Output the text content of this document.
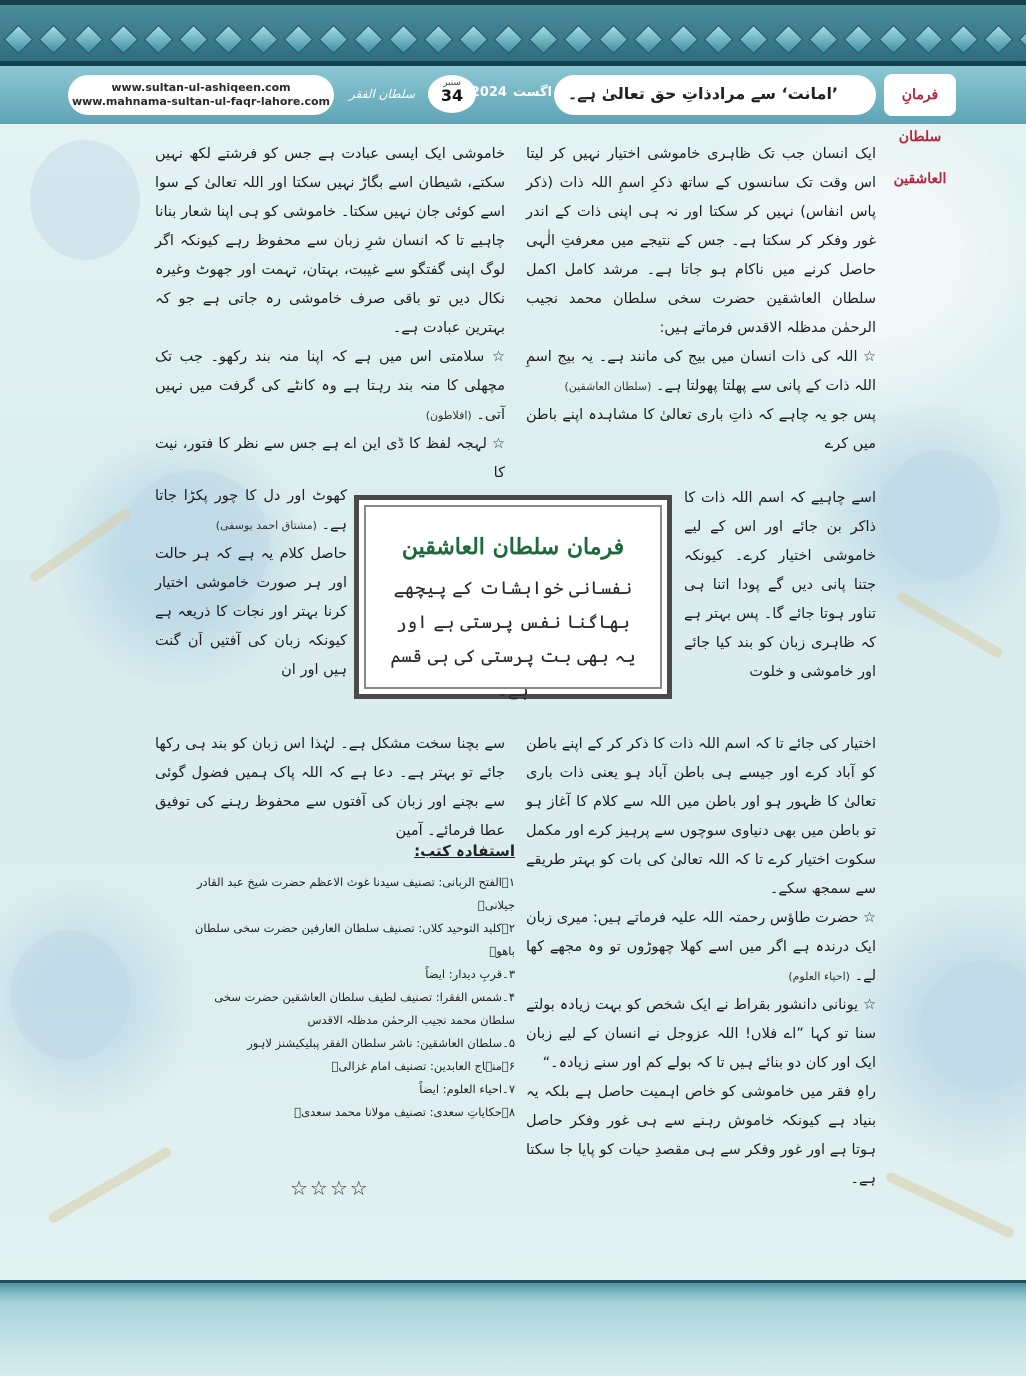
www.sultan-ul-ashiqeen.com
www.mahnama-sultan-ul-faqr-lahore.com
سلطان الفقر
سنبر
34	اگست
2024	’امانت‘ سے مرادذاتِ حق تعالیٰ ہے۔	فرمانِ سلطان العاشقین

ایک انسان جب تک ظاہری خاموشی اختیار نہیں کر لیتا اس وقت تک سانسوں کے ساتھ ذکرِ اسمِ اللہ ذات (ذکر پاس انفاس) نہیں کر سکتا اور نہ ہی اپنی ذات کے اندر غور وفکر کر سکتا ہے۔ جس کے نتیجے میں معرفتِ الٰہی حاصل کرنے میں ناکام ہو جاتا ہے۔ مرشد کامل اکمل سلطان العاشقین حضرت سخی سلطان محمد نجیب الرحمٰن مدظلہ الاقدس فرماتے ہیں:

☆ اللہ کی ذات انسان میں بیج کی مانند ہے۔ یہ بیج اسمِ اللہ ذات کے پانی سے پھلتا پھولتا ہے۔ (سلطان العاشقین)

پس جو یہ چاہے کہ ذاتِ باری تعالیٰ کا مشاہدہ اپنے باطن میں کرے

اسے چاہیے کہ اسم اللہ ذات کا ذاکر بن جائے اور اس کے لیے خاموشی اختیار کرے۔ کیونکہ جتنا پانی دیں گے پودا اتنا ہی تناور ہوتا جائے گا۔ پس بہتر ہے کہ ظاہری زبان کو بند کیا جائے اور خاموشی و خلوت

اختیار کی جائے تا کہ اسم اللہ ذات کا ذکر کر کے اپنے باطن کو آباد کرے اور جیسے ہی باطن آباد ہو یعنی ذات باری تعالیٰ کا ظہور ہو اور باطن میں اللہ سے کلام کا آغاز ہو تو باطن میں بھی دنیاوی سوچوں سے پرہیز کرے اور مکمل سکوت اختیار کرے تا کہ اللہ تعالیٰ کی بات کو بہتر طریقے سے سمجھ سکے۔

☆ حضرت طاؤس رحمتہ اللہ علیہ فرماتے ہیں: میری زبان ایک درندہ ہے اگر میں اسے کھلا چھوڑوں تو وہ مجھے کھا لے۔ (احیاء العلوم)

☆ یونانی دانشور بقراط نے ایک شخص کو بہت زیادہ بولتے سنا تو کہا ”اے فلاں! اللہ عزوجل نے انسان کے لیے زبان ایک اور کان دو بنائے ہیں تا کہ بولے کم اور سنے زیادہ۔“

راہِ فقر میں خاموشی کو خاص اہمیت حاصل ہے بلکہ یہ بنیاد ہے کیونکہ خاموش رہنے سے ہی غور وفکر حاصل ہوتا ہے اور غور وفکر سے ہی مقصدِ حیات کو پایا جا سکتا ہے۔

خاموشی ایک ایسی عبادت ہے جس کو فرشتے لکھ نہیں سکتے، شیطان اسے بگاڑ نہیں سکتا اور اللہ تعالیٰ کے سوا اسے کوئی جان نہیں سکتا۔ خاموشی کو ہی اپنا شعار بنانا چاہیے تا کہ انسان شرِ زبان سے محفوظ رہے کیونکہ اگر لوگ اپنی گفتگو سے غیبت، بہتان، تہمت اور جھوٹ وغیرہ نکال دیں تو باقی صرف خاموشی رہ جاتی ہے جو کہ بہترین عبادت ہے۔

☆ سلامتی اس میں ہے کہ اپنا منہ بند رکھو۔ جب تک مچھلی کا منہ بند رہتا ہے وہ کانٹے کی گرفت میں نہیں آتی۔ (افلاطون)

☆ لہجہ لفظ کا ڈی این اے ہے جس سے نظر کا فتور، نیت کا

کھوٹ اور دل کا چور پکڑا جاتا ہے۔ (مشتاق احمد یوسفی)

حاصل کلام یہ ہے کہ ہر حالت اور ہر صورت خاموشی اختیار کرنا بہتر اور نجات کا ذریعہ ہے کیونکہ زبان کی آفتیں اَن گنت ہیں اور ان

سے بچنا سخت مشکل ہے۔ لہٰذا اس زبان کو بند ہی رکھا جائے تو بہتر ہے۔ دعا ہے کہ اللہ پاک ہمیں فضول گوئی سے بچنے اور زبان کی آفتوں سے محفوظ رہنے کی توفیق عطا فرمائے۔ آمین

فرمان سلطان العاشقین
نفسانی خواہشات کے پیچھے بھاگنا نفس پرستی ہے اور یہ بھی بت پرستی کی ہی قسم ہے۔
استفادہ کتب:
۱۔الفتح الربانی: تصنیف سیدنا غوث الاعظم حضرت شیخ عبد القادر جیلانیؓ
۲۔کلید التوحید کلاں: تصنیف سلطان العارفین حضرت سخی سلطان باھوؒ
۳۔قربِ دیدار: ایضاً
۴۔شمس الفقرا: تصنیف لطیف سلطان العاشقین حضرت سخی سلطان محمد نجیب الرحمٰن مدظلہ الاقدس
۵۔سلطان العاشقین: ناشر سلطان الفقر پبلیکیشنز لاہور
۶۔منہاج العابدین: تصنیف امام غزالیؒ
۷۔احیاء العلوم: ایضاً
۸۔حکایاتِ سعدی: تصنیف مولانا محمد سعدیؒ
☆☆☆☆
